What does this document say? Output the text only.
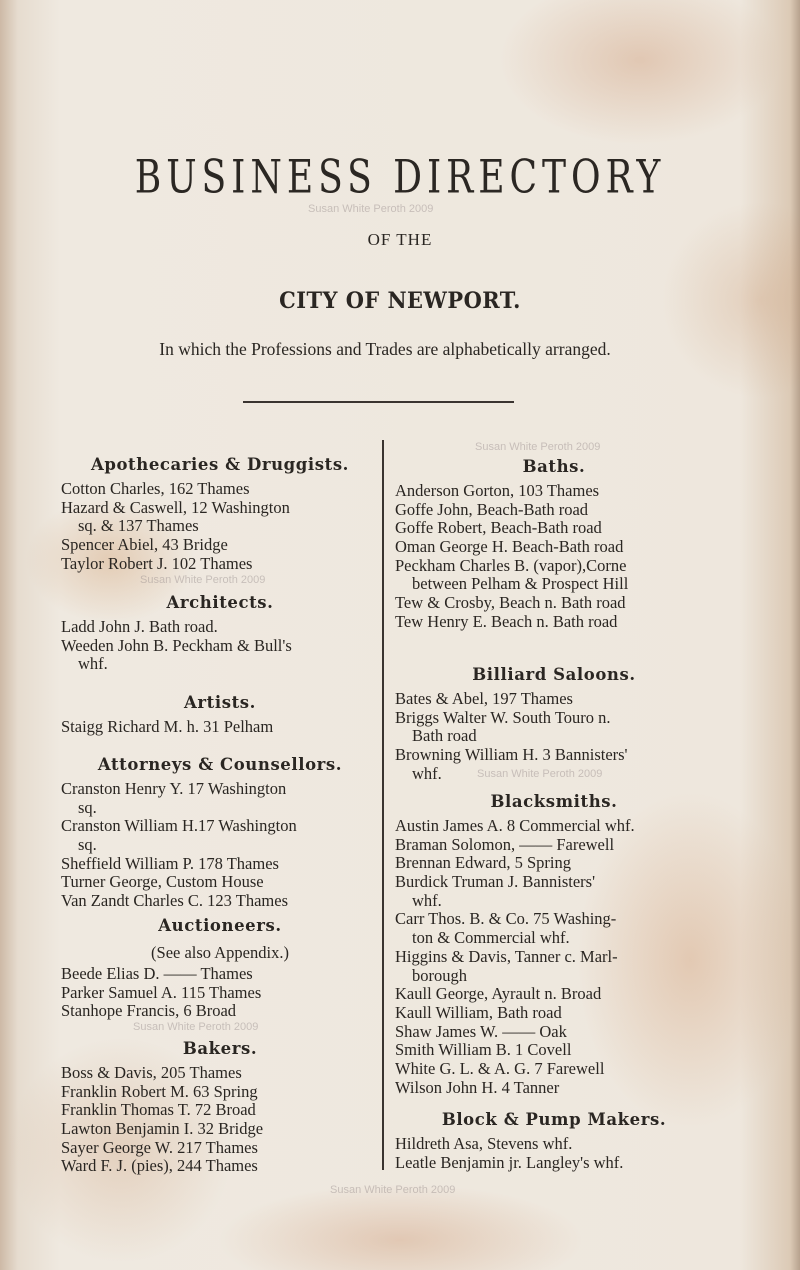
BUSINESS DIRECTORY
OF THE
CITY OF NEWPORT.
In which the Professions and Trades are alphabetically arranged.
Susan White Peroth 2009
Susan White Peroth 2009
Susan White Peroth 2009
Susan White Peroth 2009
Susan White Peroth 2009
Susan White Peroth 2009
Apothecaries & Druggists.
Cotton Charles, 162 Thames
Hazard & Caswell, 12 Washington
sq. & 137 Thames
Spencer Abiel, 43 Bridge
Taylor Robert J. 102 Thames
Architects.
Ladd John J. Bath road.
Weeden John B. Peckham & Bull's
whf.
Artists.
Staigg Richard M. h. 31 Pelham
Attorneys & Counsellors.
Cranston Henry Y. 17 Washington
sq.
Cranston William H.17 Washington
sq.
Sheffield William P. 178 Thames
Turner George, Custom House
Van Zandt Charles C. 123 Thames
Auctioneers.
(See also Appendix.)
Beede Elias D. —— Thames
Parker Samuel A. 115 Thames
Stanhope Francis, 6 Broad
Bakers.
Boss & Davis, 205 Thames
Franklin Robert M. 63 Spring
Franklin Thomas T. 72 Broad
Lawton Benjamin I. 32 Bridge
Sayer George W. 217 Thames
Ward F. J. (pies), 244 Thames
Baths.
Anderson Gorton, 103 Thames
Goffe John, Beach-Bath road
Goffe Robert, Beach-Bath road
Oman George H. Beach-Bath road
Peckham Charles B. (vapor),Corne
between Pelham & Prospect Hill
Tew & Crosby, Beach n. Bath road
Tew Henry E. Beach n. Bath road
Billiard Saloons.
Bates & Abel, 197 Thames
Briggs Walter W. South Touro n.
Bath road
Browning William H. 3 Bannisters'
whf.
Blacksmiths.
Austin James A. 8 Commercial whf.
Braman Solomon, —— Farewell
Brennan Edward, 5 Spring
Burdick Truman J. Bannisters'
whf.
Carr Thos. B. & Co. 75 Washing-
ton & Commercial whf.
Higgins & Davis, Tanner c. Marl-
borough
Kaull George, Ayrault n. Broad
Kaull William, Bath road
Shaw James W. —— Oak
Smith William B. 1 Covell
White G. L. & A. G. 7 Farewell
Wilson John H. 4 Tanner
Block & Pump Makers.
Hildreth Asa, Stevens whf.
Leatle Benjamin jr. Langley's whf.
